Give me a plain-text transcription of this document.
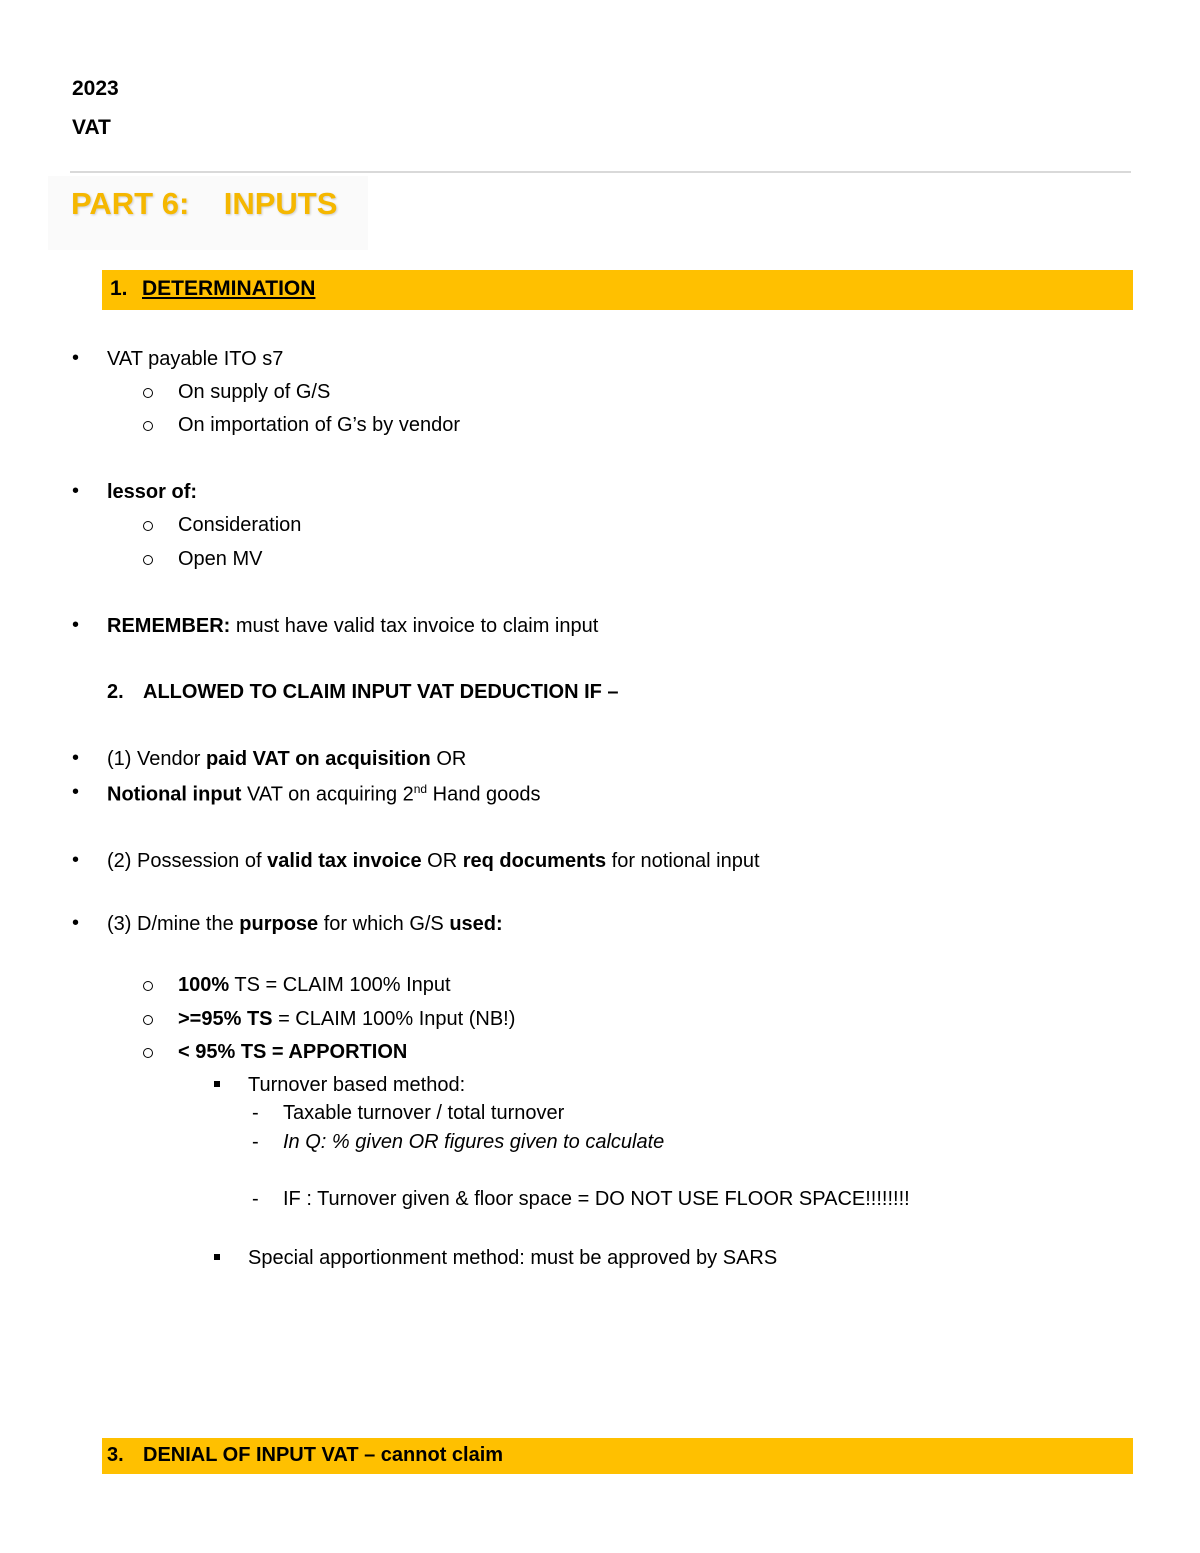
2023
VAT
PART 6:    INPUTS
1. DETERMINATION
• VAT payable ITO s7
On supply of G/S
On importation of G’s by vendor
• lessor of:
Consideration
Open MV
• REMEMBER: must have valid tax invoice to claim input
2. ALLOWED TO CLAIM INPUT VAT DEDUCTION IF –
• (1) Vendor paid VAT on acquisition OR
• Notional input VAT on acquiring 2nd Hand goods
• (2) Possession of valid tax invoice OR req documents for notional input
• (3) D/mine the purpose for which G/S used:
100% TS = CLAIM 100% Input
>=95% TS = CLAIM 100% Input (NB!)
< 95% TS = APPORTION
Turnover based method:
- Taxable turnover / total turnover
- In Q: % given OR figures given to calculate
- IF : Turnover given & floor space = DO NOT USE FLOOR SPACE!!!!!!!!
Special apportionment method: must be approved by SARS
3. DENIAL OF INPUT VAT – cannot claim
